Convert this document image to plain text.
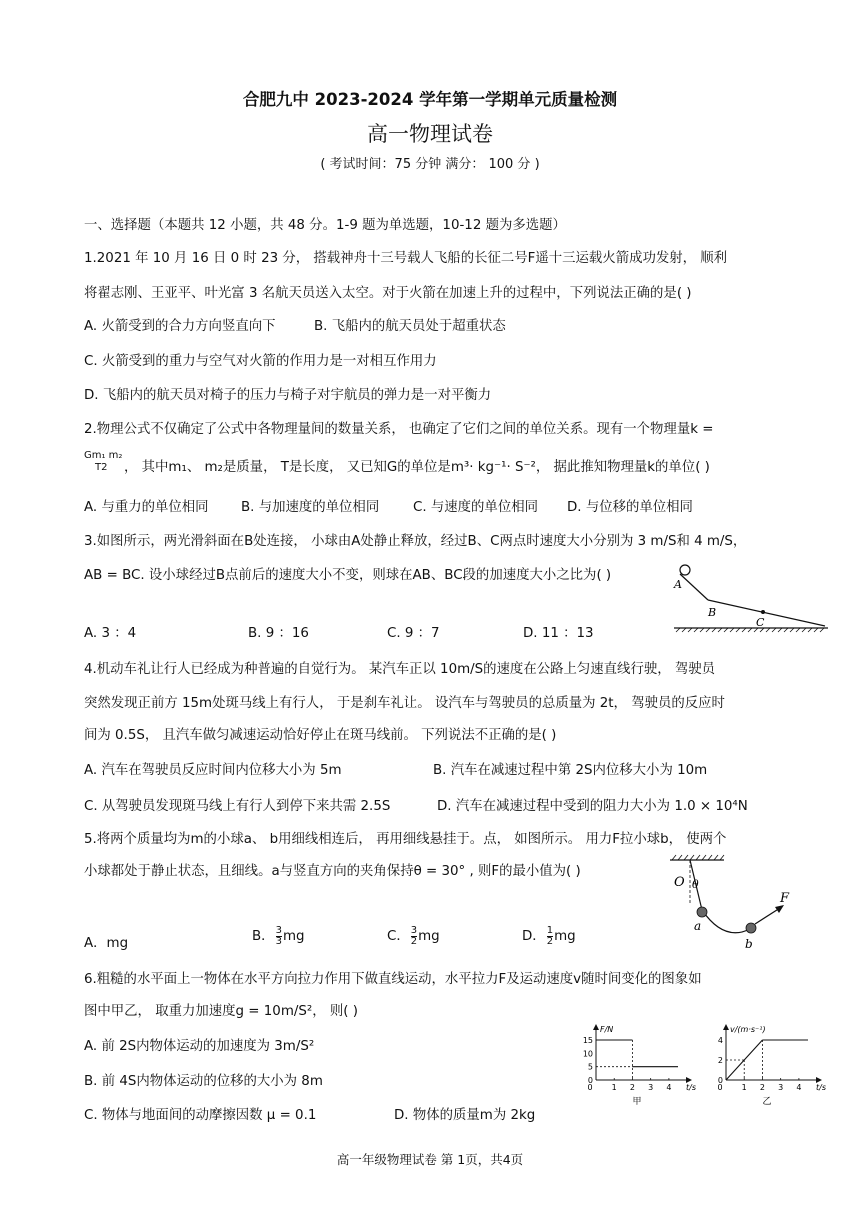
合肥九中 2023-2024 学年第一学期单元质量检测
高一物理试卷
( 考试时间：75 分钟 满分： 100 分 )
一、选择题（本题共 12 小题，共 48 分。1-9 题为单选题，10-12 题为多选题）
1.2021 年 10 月 16 日 0 时 23 分， 搭载神舟十三号载人飞船的长征二号F遥十三运载火箭成功发射， 顺利
将翟志刚、王亚平、叶光富 3 名航天员送入太空。对于火箭在加速上升的过程中，下列说法正确的是( )
A. 火箭受到的合力方向竖直向下	B. 飞船内的航天员处于超重状态
C. 火箭受到的重力与空气对火箭的作用力是一对相互作用力
D. 飞船内的航天员对椅子的压力与椅子对宇航员的弹力是一对平衡力
2.物理公式不仅确定了公式中各物理量间的数量关系， 也确定了它们之间的单位关系。现有一个物理量k =
Gm₁ m₂
T2 ， 其中m₁、 m₂是质量， T是长度， 又已知G的单位是m³· kg⁻¹· S⁻²， 据此推知物理量k的单位( )
A. 与重力的单位相同 B. 与加速度的单位相同	C. 与速度的单位相同 D. 与位移的单位相同
3.如图所示，两光滑斜面在B处连接， 小球由A处静止释放，经过B、C两点时速度大小分别为 3 m/S和 4 m/S，
AB = BC. 设小球经过B点前后的速度大小不变，则球在AB、BC段的加速度大小之比为( )
A. 3 ：4	B. 9 ：16	C. 9 ：7	D. 11 ：13
A
B
C
4.机动车礼让行人已经成为种普遍的自觉行为。 某汽车正以 10m/S的速度在公路上匀速直线行驶， 驾驶员
突然发现正前方 15m处斑马线上有行人， 于是刹车礼让。 设汽车与驾驶员的总质量为 2t， 驾驶员的反应时
间为 0.5S， 且汽车做匀减速运动恰好停止在斑马线前。 下列说法不正确的是( )
A. 汽车在驾驶员反应时间内位移大小为 5m	B. 汽车在减速过程中第 2S内位移大小为 10m
C. 从驾驶员发现斑马线上有行人到停下来共需 2.5S	D. 汽车在减速过程中受到的阻力大小为 1.0 × 10⁴N
5.将两个质量均为m的小球a、 b用细线相连后， 再用细线悬挂于。点， 如图所示。 用力F拉小球b， 使两个
小球都处于静止状态，且细线。a与竖直方向的夹角保持θ = 30° , 则F的最小值为( )
A．mg	B． $\frac{3}{3}$ mg	C． $\frac{3}{2}$ mg	D． $\frac{1}{2}$ mg
O θ
a
b
F
6.粗糙的水平面上一物体在水平方向拉力作用下做直线运动，水平拉力F及运动速度v随时间变化的图象如
图中甲乙， 取重力加速度g = 10m/S²， 则( )
A. 前 2S内物体运动的加速度为 3m/S²
B. 前 4S内物体运动的位移的大小为 8m
C. 物体与地面间的动摩擦因数 μ = 0.1	D. 物体的质量m为 2kg
0
5
10
15
1 2 3 4
0
F/N
t/s
甲
0
2
4
1 2 3 4
0
v/(m·s⁻¹)
t/s
乙
高一年级物理试卷 第 1页，共4页
